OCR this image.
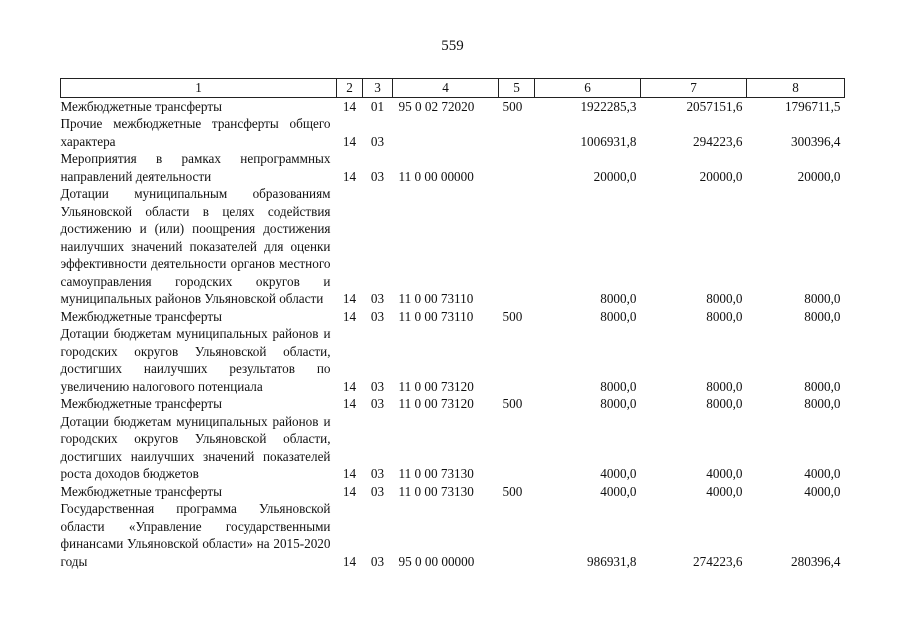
559
1	2	3	4	5	6	7	8
Межбюджетные трансферты	14	01	95 0 02 72020	500	1922285,3	2057151,6	1796711,5
Прочие межбюджетные трансферты общего характера	14	03			1006931,8	294223,6	300396,4
Мероприятия в рамках непрограммных направлений деятельности	14	03	11 0 00 00000		20000,0	20000,0	20000,0
Дотации муниципальным образованиям Ульяновской области в целях содействия достижению и (или) поощрения достижения наилучших значений показателей для оценки эффективности деятельности органов местного самоуправления городских округов и муниципальных районов Ульяновской области	14	03	11 0 00 73110		8000,0	8000,0	8000,0
Межбюджетные трансферты	14	03	11 0 00 73110	500	8000,0	8000,0	8000,0
Дотации бюджетам муниципальных районов и городских округов Ульяновской области, достигших наилучших результатов по увеличению налогового потенциала	14	03	11 0 00 73120		8000,0	8000,0	8000,0
Межбюджетные трансферты	14	03	11 0 00 73120	500	8000,0	8000,0	8000,0
Дотации бюджетам муниципальных районов и городских округов Ульяновской области, достигших наилучших значений показателей роста доходов бюджетов	14	03	11 0 00 73130		4000,0	4000,0	4000,0
Межбюджетные трансферты	14	03	11 0 00 73130	500	4000,0	4000,0	4000,0
Государственная программа Ульяновской области «Управление государственными финансами Ульяновской области» на 2015-2020 годы	14	03	95 0 00 00000		986931,8	274223,6	280396,4
